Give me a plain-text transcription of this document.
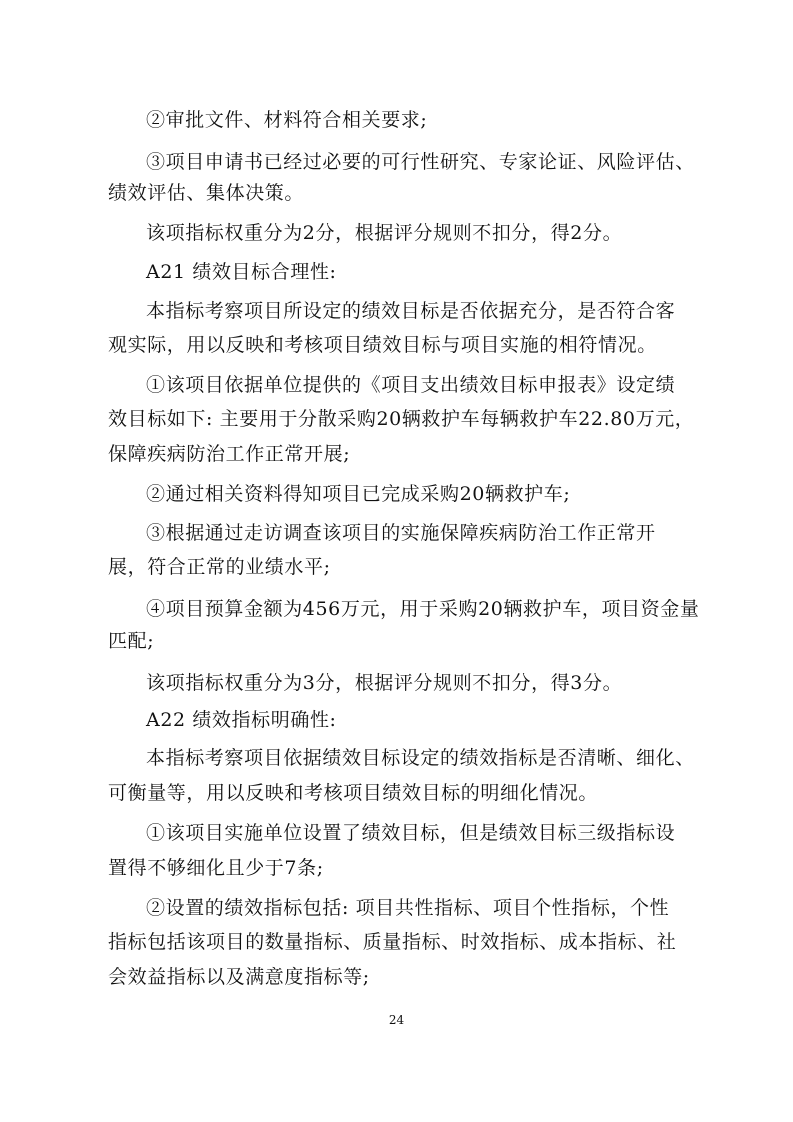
②审批文件、材料符合相关要求;
③项目申请书已经过必要的可行性研究、专家论证、风险评估、
绩效评估、集体决策。
该项指标权重分为2分，根据评分规则不扣分，得2分。
A21 绩效目标合理性:
本指标考察项目所设定的绩效目标是否依据充分，是否符合客
观实际，用以反映和考核项目绩效目标与项目实施的相符情况。
①该项目依据单位提供的《项目支出绩效目标申报表》设定绩
效目标如下: 主要用于分散采购20辆救护车每辆救护车22.80万元，
保障疾病防治工作正常开展;
②通过相关资料得知项目已完成采购20辆救护车;
③根据通过走访调查该项目的实施保障疾病防治工作正常开
展，符合正常的业绩水平;
④项目预算金额为456万元，用于采购20辆救护车，项目资金量
匹配;
该项指标权重分为3分，根据评分规则不扣分，得3分。
A22 绩效指标明确性:
本指标考察项目依据绩效目标设定的绩效指标是否清晰、细化、
可衡量等，用以反映和考核项目绩效目标的明细化情况。
①该项目实施单位设置了绩效目标，但是绩效目标三级指标设
置得不够细化且少于7条;
②设置的绩效指标包括: 项目共性指标、项目个性指标，个性
指标包括该项目的数量指标、质量指标、时效指标、成本指标、社
会效益指标以及满意度指标等;
24
